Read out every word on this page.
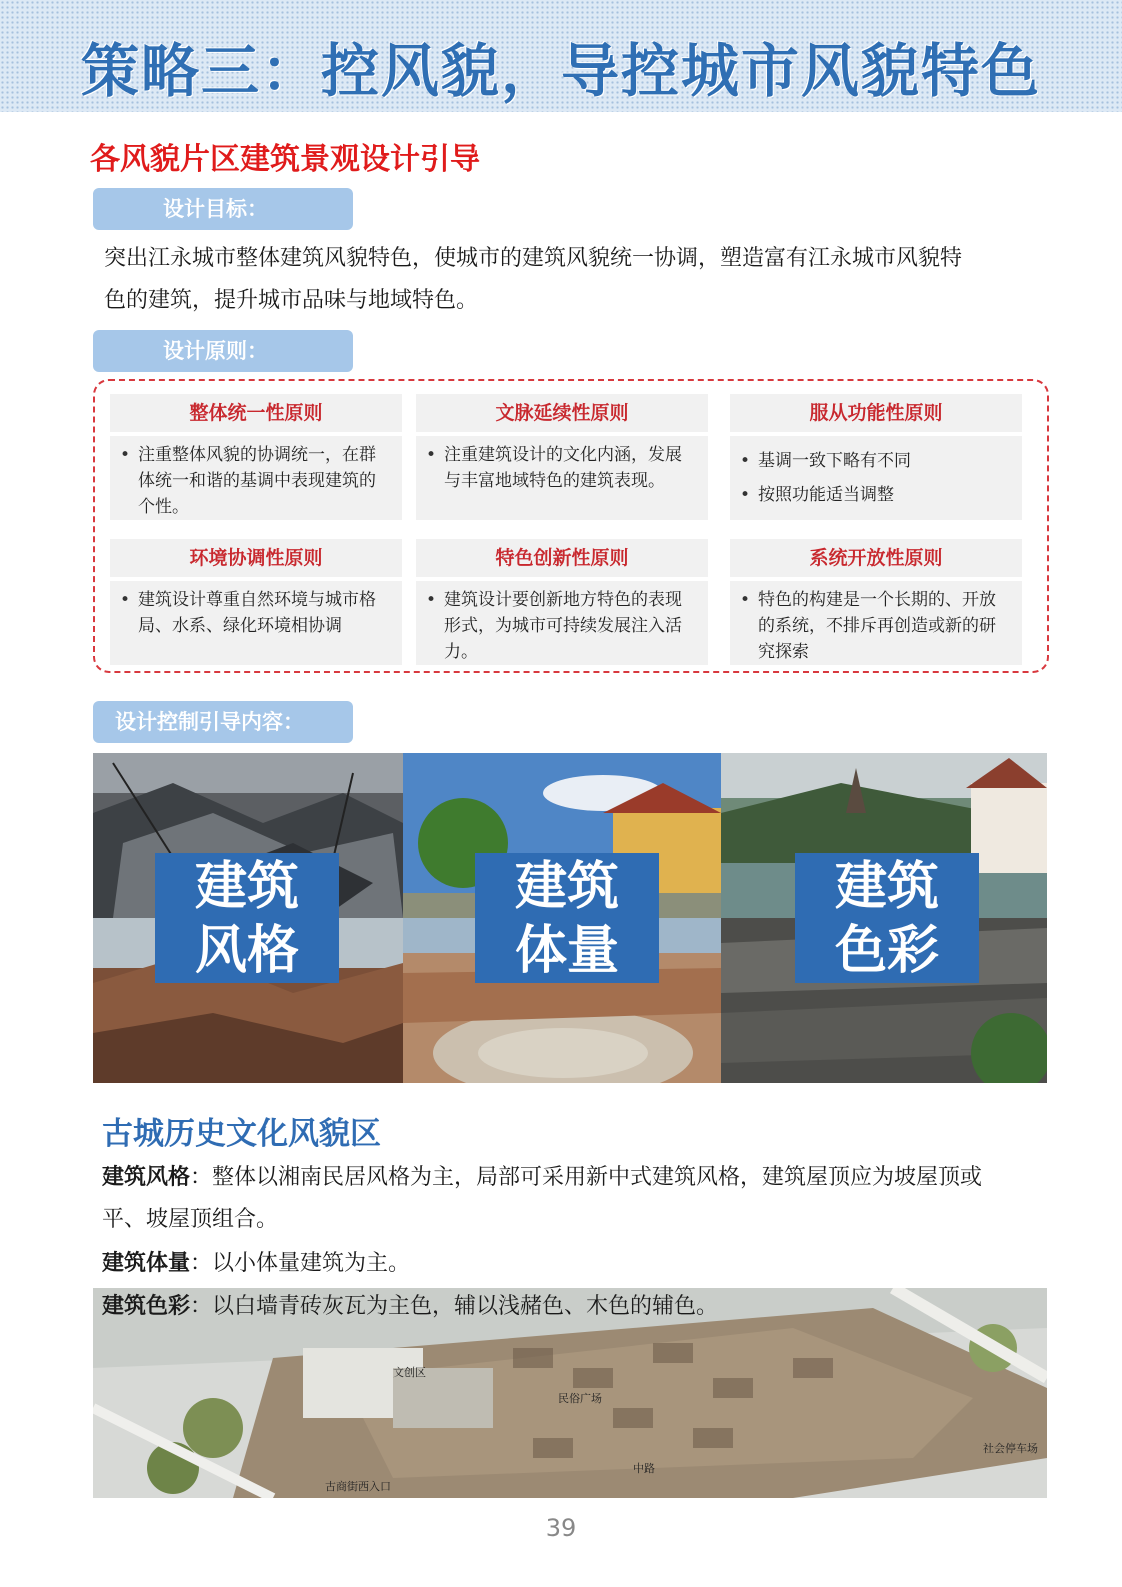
策略三：控风貌，导控城市风貌特色
各风貌片区建筑景观设计引导
设计目标：
突出江永城市整体建筑风貌特色，使城市的建筑风貌统一协调，塑造富有江永城市风貌特
色的建筑，提升城市品味与地域特色。
设计原则：
整体统一性原则
• 注重整体风貌的协调统一，在群体统一和谐的基调中表现建筑的个性。
文脉延续性原则
• 注重建筑设计的文化内涵，发展与丰富地域特色的建筑表现。
服从功能性原则
• 基调一致下略有不同
• 按照功能适当调整
环境协调性原则
• 建筑设计尊重自然环境与城市格局、水系、绿化环境相协调
特色创新性原则
• 建筑设计要创新地方特色的表现形式，为城市可持续发展注入活力。
系统开放性原则
• 特色的构建是一个长期的、开放的系统，不排斥再创造或新的研究探索
设计控制引导内容：
建筑
风格
建筑
体量
建筑
色彩
古城历史文化风貌区
建筑风格：整体以湘南民居风格为主，局部可采用新中式建筑风格，建筑屋顶应为坡屋顶或
平、坡屋顶组合。
建筑体量：以小体量建筑为主。
文创区
民俗广场
古商街西入口
社会停车场
中路
建筑色彩：以白墙青砖灰瓦为主色，辅以浅赭色、木色的辅色。
39
